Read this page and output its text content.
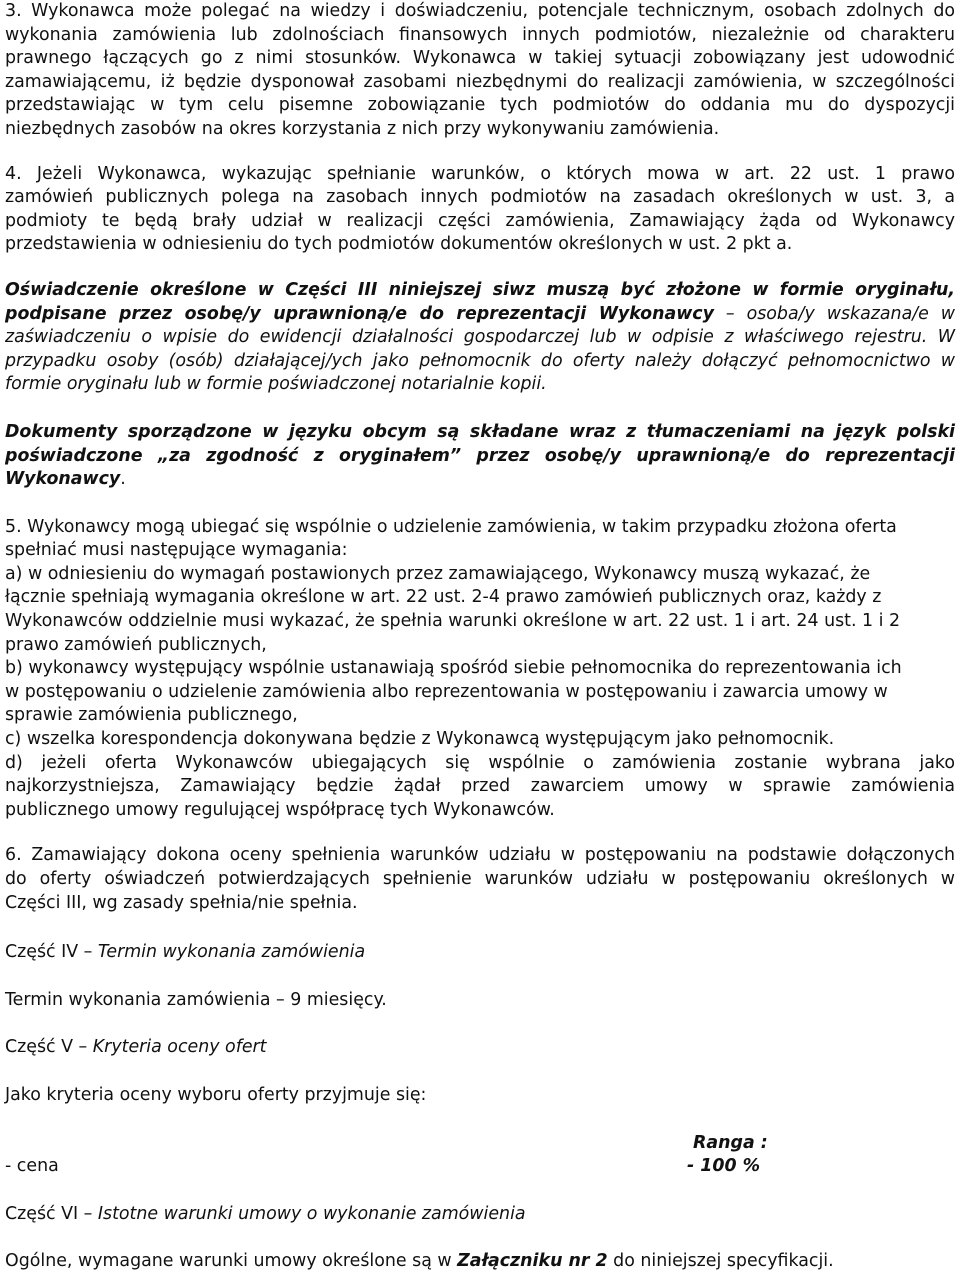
3. Wykonawca może polegać na wiedzy i doświadczeniu, potencjale technicznym, osobach zdolnych do

wykonania zamówienia lub zdolnościach finansowych innych podmiotów, niezależnie od charakteru

prawnego łączących go z nimi stosunków. Wykonawca w takiej sytuacji zobowiązany jest udowodnić

zamawiającemu, iż będzie dysponował zasobami niezbędnymi do realizacji zamówienia, w szczególności

przedstawiając w tym celu pisemne zobowiązanie tych podmiotów do oddania mu do dyspozycji

niezbędnych zasobów na okres korzystania z nich przy wykonywaniu zamówienia.

4. Jeżeli Wykonawca, wykazując spełnianie warunków, o których mowa w art. 22 ust. 1 prawo

zamówień publicznych polega na zasobach innych podmiotów na zasadach określonych w ust. 3, a

podmioty te będą brały udział w realizacji części zamówienia, Zamawiający żąda od Wykonawcy

przedstawienia w odniesieniu do tych podmiotów dokumentów określonych w ust. 2 pkt a.

Oświadczenie określone w Części III niniejszej siwz muszą być złożone w formie oryginału,

podpisane przez osobę/y uprawnioną/e do reprezentacji Wykonawcy – osoba/y wskazana/e w

zaświadczeniu o wpisie do ewidencji działalności gospodarczej lub w odpisie z właściwego rejestru. W

przypadku osoby (osób) działającej/ych jako pełnomocnik do oferty należy dołączyć pełnomocnictwo w

formie oryginału lub w formie poświadczonej notarialnie kopii.

Dokumenty sporządzone w języku obcym są składane wraz z tłumaczeniami na język polski

poświadczone „za zgodność z oryginałem” przez osobę/y uprawnioną/e do reprezentacji

Wykonawcy.

5. Wykonawcy mogą ubiegać się wspólnie o udzielenie zamówienia, w takim przypadku złożona oferta

spełniać musi następujące wymagania:

a) w odniesieniu do wymagań postawionych przez zamawiającego, Wykonawcy muszą wykazać, że

łącznie spełniają wymagania określone w art. 22 ust. 2-4 prawo zamówień publicznych oraz, każdy z

Wykonawców oddzielnie musi wykazać, że spełnia warunki określone w art. 22 ust. 1 i art. 24 ust. 1 i 2

prawo zamówień publicznych,

b) wykonawcy występujący wspólnie ustanawiają spośród siebie pełnomocnika do reprezentowania ich

w postępowaniu o udzielenie zamówienia albo reprezentowania w postępowaniu i zawarcia umowy w

sprawie zamówienia publicznego,

c) wszelka korespondencja dokonywana będzie z Wykonawcą występującym jako pełnomocnik.

d) jeżeli oferta Wykonawców ubiegających się wspólnie o zamówienia zostanie wybrana jako

najkorzystniejsza, Zamawiający będzie żądał przed zawarciem umowy w sprawie zamówienia

publicznego umowy regulującej współpracę tych Wykonawców.

6. Zamawiający dokona oceny spełnienia warunków udziału w postępowaniu na podstawie dołączonych

do oferty oświadczeń potwierdzających spełnienie warunków udziału w postępowaniu określonych w

Części III, wg zasady spełnia/nie spełnia.

Część IV – Termin wykonania zamówienia

Termin wykonania zamówienia – 9 miesięcy.

Część V – Kryteria oceny ofert

Jako kryteria oceny wyboru oferty przyjmuje się:

Ranga :
- cena	- 100 %

Część VI – Istotne warunki umowy o wykonanie zamówienia

Ogólne, wymagane warunki umowy określone są w Załączniku nr 2 do niniejszej specyfikacji.
